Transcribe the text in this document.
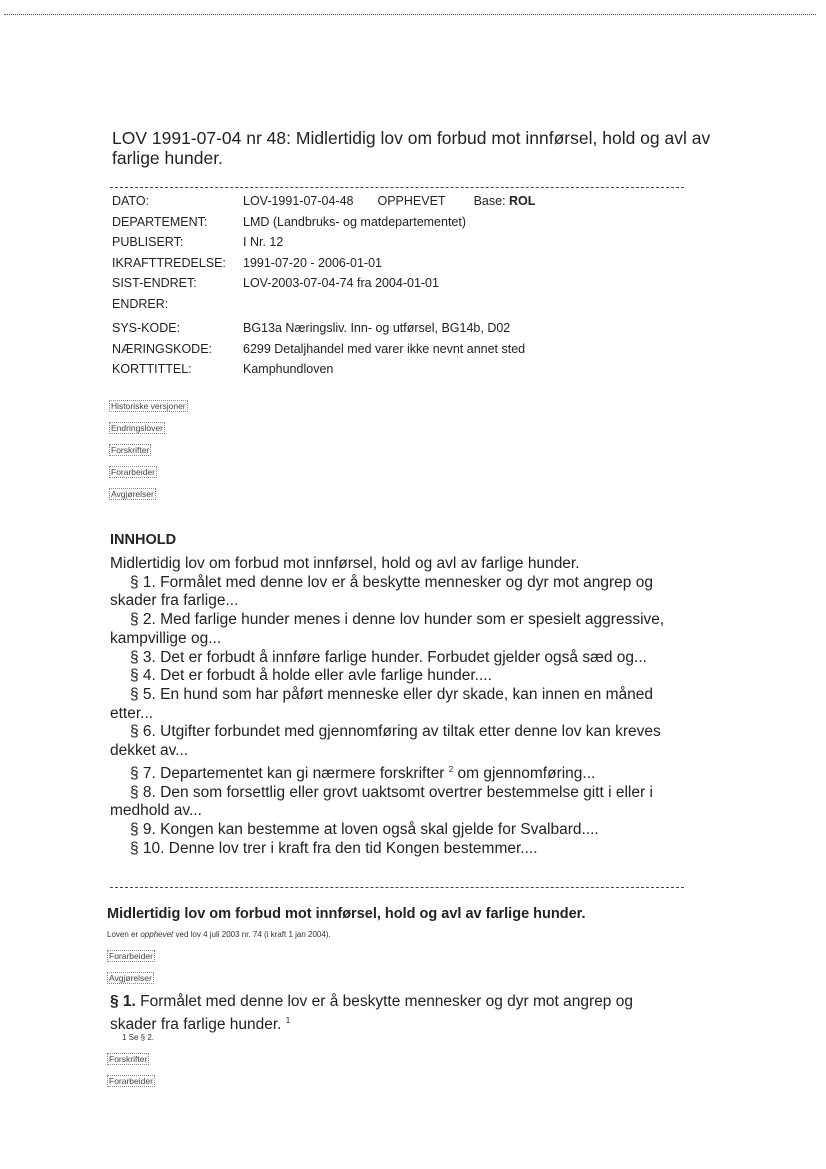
LOV 1991-07-04 nr 48: Midlertidig lov om forbud mot innførsel, hold og avl av farlige hunder.
DATO:	LOV-1991-07-04-48 OPPHEVET Base: ROL
DEPARTEMENT:	LMD (Landbruks- og matdepartementet)
PUBLISERT:	I Nr. 12
IKRAFTTREDELSE: 1991-07-20 - 2006-01-01
SIST-ENDRET:	LOV-2003-07-04-74 fra 2004-01-01
ENDRER:
SYS-KODE:	BG13a Næringsliv. Inn- og utførsel, BG14b, D02
NÆRINGSKODE: 6299 Detaljhandel med varer ikke nevnt annet sted
KORTTITTEL:	Kamphundloven
Historiske versjoner
Endringslover
Forskrifter
Forarbeider
Avgjørelser
INNHOLD

Midlertidig lov om forbud mot innførsel, hold og avl av farlige hunder.

§ 1. Formålet med denne lov er å beskytte mennesker og dyr mot angrep og skader fra farlige...

§ 2. Med farlige hunder menes i denne lov hunder som er spesielt aggressive, kampvillige og...

§ 3. Det er forbudt å innføre farlige hunder. Forbudet gjelder også sæd og...

§ 4. Det er forbudt å holde eller avle farlige hunder....

§ 5. En hund som har påført menneske eller dyr skade, kan innen en måned etter...

§ 6. Utgifter forbundet med gjennomføring av tiltak etter denne lov kan kreves dekket av...

§ 7. Departementet kan gi nærmere forskrifter $^2$ om gjennomføring...

§ 8. Den som forsettlig eller grovt uaktsomt overtrer bestemmelse gitt i eller i medhold av...

§ 9. Kongen kan bestemme at loven også skal gjelde for Svalbard....

§ 10. Denne lov trer i kraft fra den tid Kongen bestemmer....

Midlertidig lov om forbud mot innførsel, hold og avl av farlige hunder.
Loven er opphevet ved lov 4 juli 2003 nr. 74 (i kraft 1 jan 2004).
Forarbeider
Avgjørelser
§ 1. Formålet med denne lov er å beskytte mennesker og dyr mot angrep og skader fra farlige hunder. $^1$
1 Se § 2.
Forskrifter
Forarbeider
